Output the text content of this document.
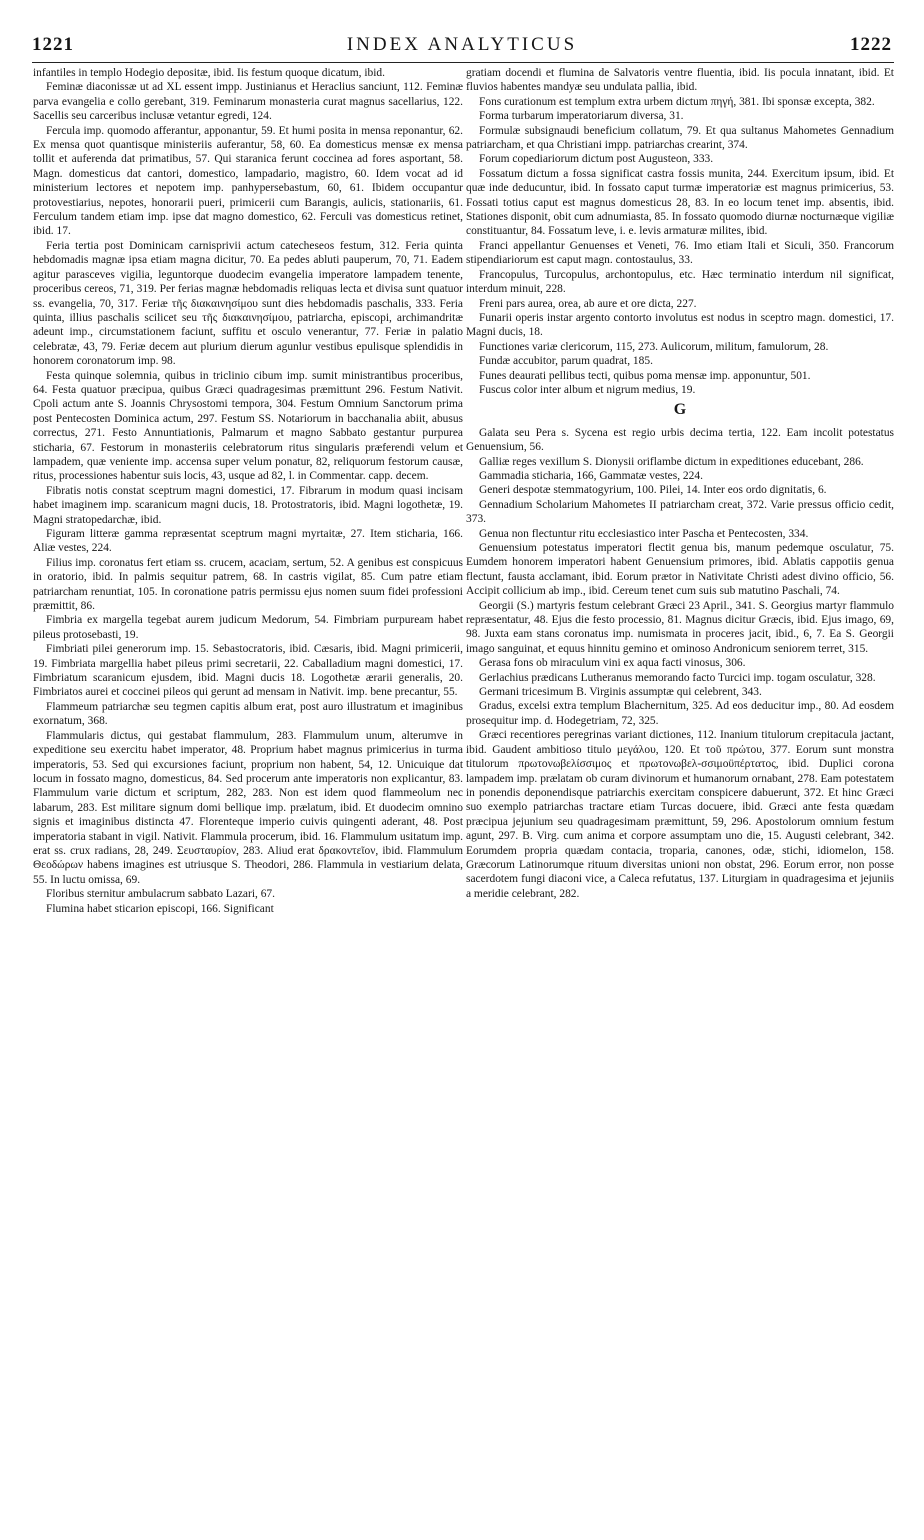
1221	INDEX ANALYTICUS	1222

infantiles in templo Hodegio depositæ, ibid. Iis festum quoque dicatum, ibid.

Feminæ diaconissæ ut ad XL essent impp. Justinianus et Heraclius sanciunt, 112. Feminæ parva evangelia e collo gerebant, 319. Feminarum monasteria curat magnus sacellarius, 122. Sacellis seu carceribus inclusæ vetantur egredi, 124.

Fercula imp. quomodo afferantur, apponantur, 59. Et humi posita in mensa reponantur, 62. Ex mensa quot quantisque ministeriis auferantur, 58, 60. Ea domesticus mensæ ex mensa tollit et auferenda dat primatibus, 57. Qui staranica ferunt coccinea ad fores asportant, 58. Magn. domesticus dat cantori, domestico, lampadario, magistro, 60. Idem vocat ad id ministerium lectores et nepotem imp. panhypersebastum, 60, 61. Ibidem occupantur protovestiarius, nepotes, honorarii pueri, primicerii cum Barangis, aulicis, stationariis, 61. Ferculum tandem etiam imp. ipse dat magno domestico, 62. Ferculi vas domesticus retinet, ibid. 17.

Feria tertia post Dominicam carnisprivii actum catecheseos festum, 312. Feria quinta hebdomadis magnæ ipsa etiam magna dicitur, 70. Ea pedes abluti pauperum, 70, 71. Eadem agitur parasceves vigilia, leguntorque duodecim evangelia imperatore lampadem tenente, proceribus cereos, 71, 319. Per ferias magnæ hebdomadis reliquas lecta et divisa sunt quatuor ss. evangelia, 70, 317. Feriæ τῆς διακαινησίμου sunt dies hebdomadis paschalis, 333. Feria quinta, illius paschalis scilicet seu τῆς διακαινησίμου, patriarcha, episcopi, archimandritæ adeunt imp., circumstationem faciunt, suffitu et osculo venerantur, 77. Feriæ in palatio celebratæ, 43, 79. Feriæ decem aut plurium dierum agunlur vestibus epulisque splendidis in honorem coronatorum imp. 98.

Festa quinque solemnia, quibus in triclinio cibum imp. sumit ministrantibus proceribus, 64. Festa quatuor præcipua, quibus Græci quadragesimas præmittunt 296. Festum Nativit. Cpoli actum ante S. Joannis Chrysostomi tempora, 304. Festum Omnium Sanctorum prima post Pentecosten Dominica actum, 297. Festum SS. Notariorum in bacchanalia abiit, abusus correctus, 271. Festo Annuntiationis, Palmarum et magno Sabbato gestantur purpurea sticharia, 67. Festorum in monasteriis celebratorum ritus singularis præferendi velum et lampadem, quæ veniente imp. accensa super velum ponatur, 82, reliquorum festorum causæ, ritus, processiones habentur suis locis, 43, usque ad 82, l. in Commentar. capp. decem.

Fibratis notis constat sceptrum magni domestici, 17. Fibrarum in modum quasi incisam habet imaginem imp. scaranicum magni ducis, 18. Protostratoris, ibid. Magni logothetæ, 19. Magni stratopedarchæ, ibid.

Figuram litteræ gamma repræsentat sceptrum magni myrtaitæ, 27. Item sticharia, 166. Aliæ vestes, 224.

Filius imp. coronatus fert etiam ss. crucem, acaciam, sertum, 52. A genibus est conspicuus in oratorio, ibid. In palmis sequitur patrem, 68. In castris vigilat, 85. Cum patre etiam patriarcham renuntiat, 105. In coronatione patris permissu ejus nomen suum fidei professioni præmittit, 86.

Fimbria ex margella tegebat aurem judicum Medorum, 54. Fimbriam purpuream habet pileus protosebasti, 19.

Fimbriati pilei generorum imp. 15. Sebastocratoris, ibid. Cæsaris, ibid. Magni primicerii, 19. Fimbriata margellia habet pileus primi secretarii, 22. Caballadium magni domestici, 17. Fimbriatum scaranicum ejusdem, ibid. Magni ducis 18. Logothetæ ærarii generalis, 20. Fimbriatos aurei et coccinei pileos qui gerunt ad mensam in Nativit. imp. bene precantur, 55.

Flammeum patriarchæ seu tegmen capitis album erat, post auro illustratum et imaginibus exornatum, 368.

Flammularis dictus, qui gestabat flammulum, 283. Flammulum unum, alterumve in expeditione seu exercitu habet imperator, 48. Proprium habet magnus primicerius in turma imperatoris, 53. Sed qui excursiones faciunt, proprium non habent, 54, 12. Unicuique dat locum in fossato magno, domesticus, 84. Sed procerum ante imperatoris non explicantur, 83. Flammulum varie dictum et scriptum, 282, 283. Non est idem quod flammeolum nec labarum, 283. Est militare signum domi bellique imp. prælatum, ibid. Et duodecim omnino signis et imaginibus distincta 47. Florenteque imperio cuivis quingenti aderant, 48. Post imperatoria stabant in vigil. Nativit. Flammula procerum, ibid. 16. Flammulum usitatum imp. erat ss. crux radians, 28, 249. Σευσταυρίον, 283. Aliud erat δρακοντεῖον, ibid. Flammulum Θεοδώρων habens imagines est utriusque S. Theodori, 286. Flammula in vestiarium delata, 55. In luctu omissa, 69.

Floribus sternitur ambulacrum sabbato Lazari, 67.

Flumina habet sticarion episcopi, 166. Significant

gratiam docendi et flumina de Salvatoris ventre fluentia, ibid. Iis pocula innatant, ibid. Et fluvios habentes mandyæ seu undulata pallia, ibid.

Fons curationum est templum extra urbem dictum πηγή, 381. Ibi sponsæ excepta, 382.

Forma turbarum imperatoriarum diversa, 31.

Formulæ subsignaudi beneficium collatum, 79. Et qua sultanus Mahometes Gennadium patriarcham, et qua Christiani impp. patriarchas crearint, 374.

Forum copediariorum dictum post Augusteon, 333.

Fossatum dictum a fossa significat castra fossis munita, 244. Exercitum ipsum, ibid. Et quæ inde deducuntur, ibid. In fossato caput turmæ imperatoriæ est magnus primicerius, 53. Fossati totius caput est magnus domesticus 28, 83. In eo locum tenet imp. absentis, ibid. Stationes disponit, obit cum adnumiasta, 85. In fossato quomodo diurnæ nocturnæque vigiliæ constituantur, 84. Fossatum leve, i. e. levis armaturæ milites, ibid.

Franci appellantur Genuenses et Veneti, 76. Imo etiam Itali et Siculi, 350. Francorum stipendiariorum est caput magn. contostaulus, 33.

Francopulus, Turcopulus, archontopulus, etc. Hæc terminatio interdum nil significat, interdum minuit, 228.

Freni pars aurea, orea, ab aure et ore dicta, 227.

Funarii operis instar argento contorto involutus est nodus in sceptro magn. domestici, 17. Magni ducis, 18.

Functiones variæ clericorum, 115, 273. Aulicorum, militum, famulorum, 28.

Fundæ accubitor, parum quadrat, 185.

Funes deaurati pellibus tecti, quibus poma mensæ imp. apponuntur, 501.

Fuscus color inter album et nigrum medius, 19.

G

Galata seu Pera s. Sycena est regio urbis decima tertia, 122. Eam incolit potestatus Genuensium, 56.

Galliæ reges vexillum S. Dionysii oriflambe dictum in expeditiones educebant, 286.

Gammadia sticharia, 166, Gammatæ vestes, 224.

Generi despotæ stemmatogyrium, 100. Pilei, 14. Inter eos ordo dignitatis, 6.

Gennadium Scholarium Mahometes II patriarcham creat, 372. Varie pressus officio cedit, 373.

Genua non flectuntur ritu ecclesiastico inter Pascha et Pentecosten, 334.

Genuensium potestatus imperatori flectit genua bis, manum pedemque osculatur, 75. Eumdem honorem imperatori habent Genuensium primores, ibid. Ablatis cappotiis genua flectunt, fausta acclamant, ibid. Eorum prætor in Nativitate Christi adest divino officio, 56. Accipit collicium ab imp., ibid. Cereum tenet cum suis sub matutino Paschali, 74.

Georgii (S.) martyris festum celebrant Græci 23 April., 341. S. Georgius martyr flammulo repræsentatur, 48. Ejus die festo processio, 81. Magnus dicitur Græcis, ibid. Ejus imago, 69, 98. Juxta eam stans coronatus imp. numismata in proceres jacit, ibid., 6, 7. Ea S. Georgii imago sanguinat, et equus hinnitu gemino et ominoso Andronicum seniorem terret, 315.

Gerasa fons ob miraculum vini ex aqua facti vinosus, 306.

Gerlachius prædicans Lutheranus memorando facto Turcici imp. togam osculatur, 328.

Germani tricesimum B. Virginis assumptæ qui celebrent, 343.

Gradus, excelsi extra templum Blachernitum, 325. Ad eos deducitur imp., 80. Ad eosdem prosequitur imp. d. Hodegetriam, 72, 325.

Græci recentiores peregrinas variant dictiones, 112. Inanium titulorum crepitacula jactant, ibid. Gaudent ambitioso titulo μεγάλου, 120. Et τοῦ πρώτου, 377. Eorum sunt monstra titulorum πρωτονωβελίσσιμος et πρωτονωβελ-σσιμοϋπέρτατος, ibid. Duplici corona lampadem imp. prælatam ob curam divinorum et humanorum ornabant, 278. Eam potestatem in ponendis deponendisque patriarchis exercitam conspicere dabuerunt, 372. Et hinc Græci suo exemplo patriarchas tractare etiam Turcas docuere, ibid. Græci ante festa quædam præcipua jejunium seu quadragesimam præmittunt, 59, 296. Apostolorum omnium festum agunt, 297. B. Virg. cum anima et corpore assumptam uno die, 15. Augusti celebrant, 342. Eorumdem propria quædam contacia, troparia, canones, odæ, stichi, idiomelon, 158. Græcorum Latinorumque rituum diversitas unioni non obstat, 296. Eorum error, non posse sacerdotem fungi diaconi vice, a Caleca refutatus, 137. Liturgiam in quadragesima et jejuniis a meridie celebrant, 282.
